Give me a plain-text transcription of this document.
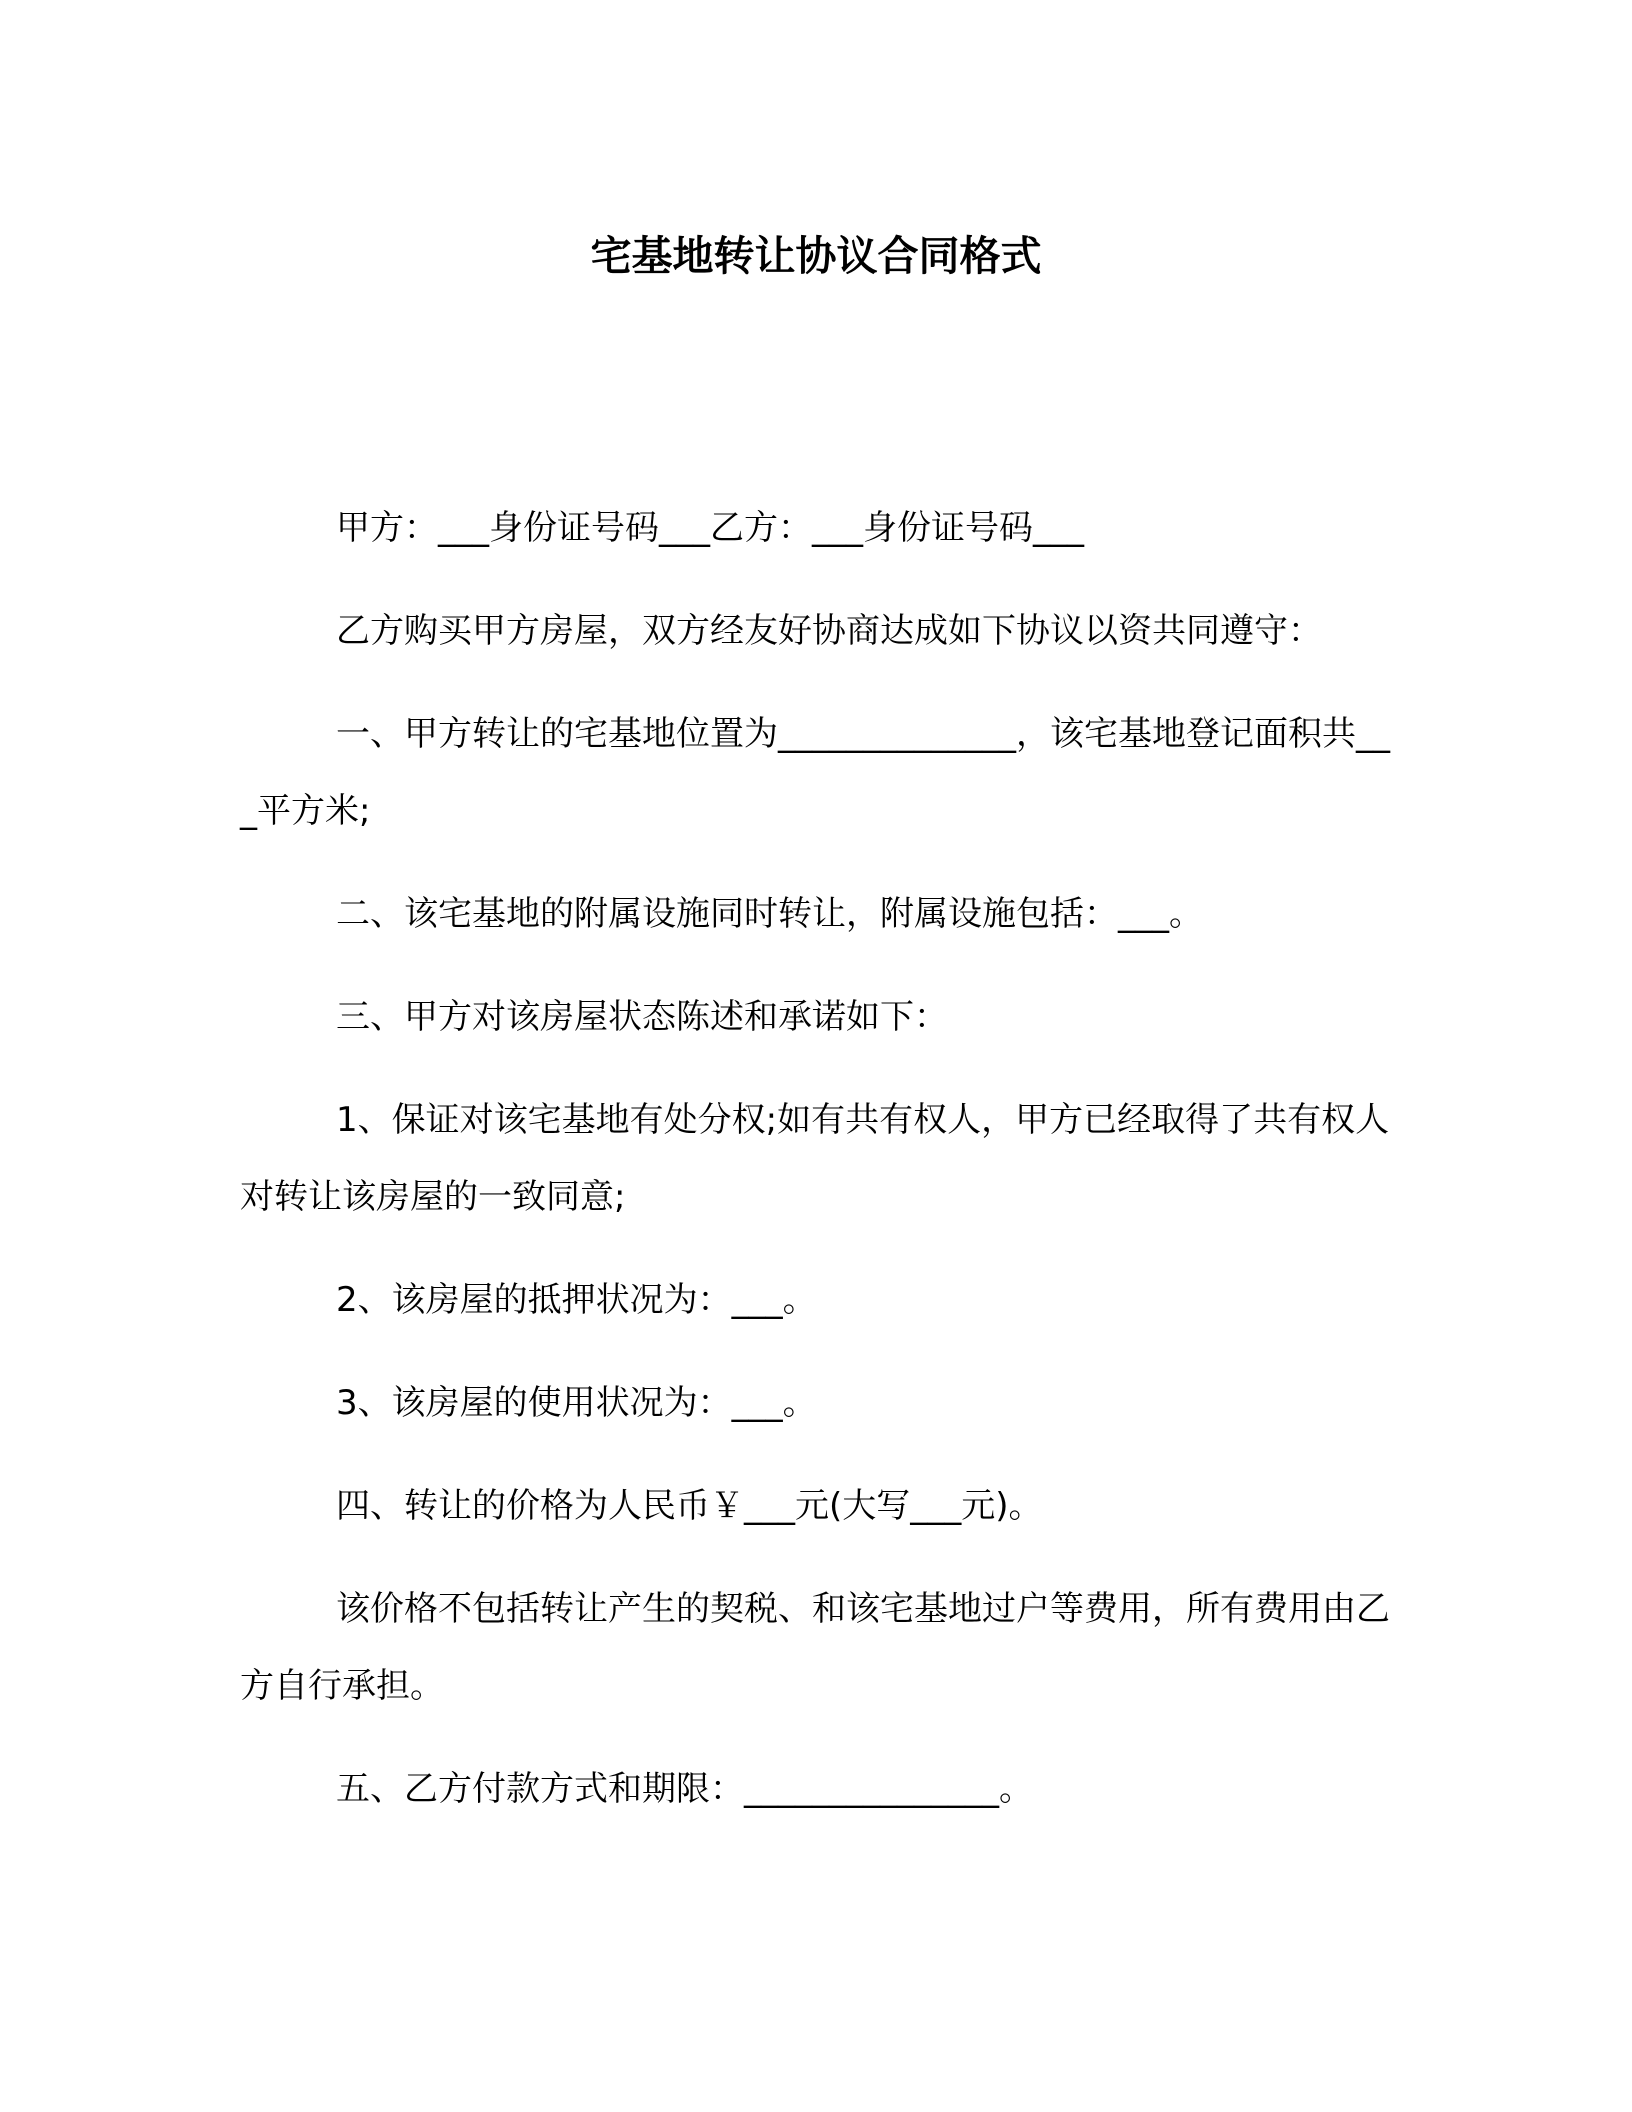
宅基地转让协议合同格式

甲方：___身份证号码___乙方：___身份证号码___

乙方购买甲方房屋，双方经友好协商达成如下协议以资共同遵守：

一、甲方转让的宅基地位置为______________，该宅基地登记面积共___平方米;

二、该宅基地的附属设施同时转让，附属设施包括：___。

三、甲方对该房屋状态陈述和承诺如下：

1、保证对该宅基地有处分权;如有共有权人，甲方已经取得了共有权人对转让该房屋的一致同意;

2、该房屋的抵押状况为：___。

3、该房屋的使用状况为：___。

四、转让的价格为人民币￥___元(大写___元)。

该价格不包括转让产生的契税、和该宅基地过户等费用，所有费用由乙方自行承担。

五、乙方付款方式和期限：_______________。
